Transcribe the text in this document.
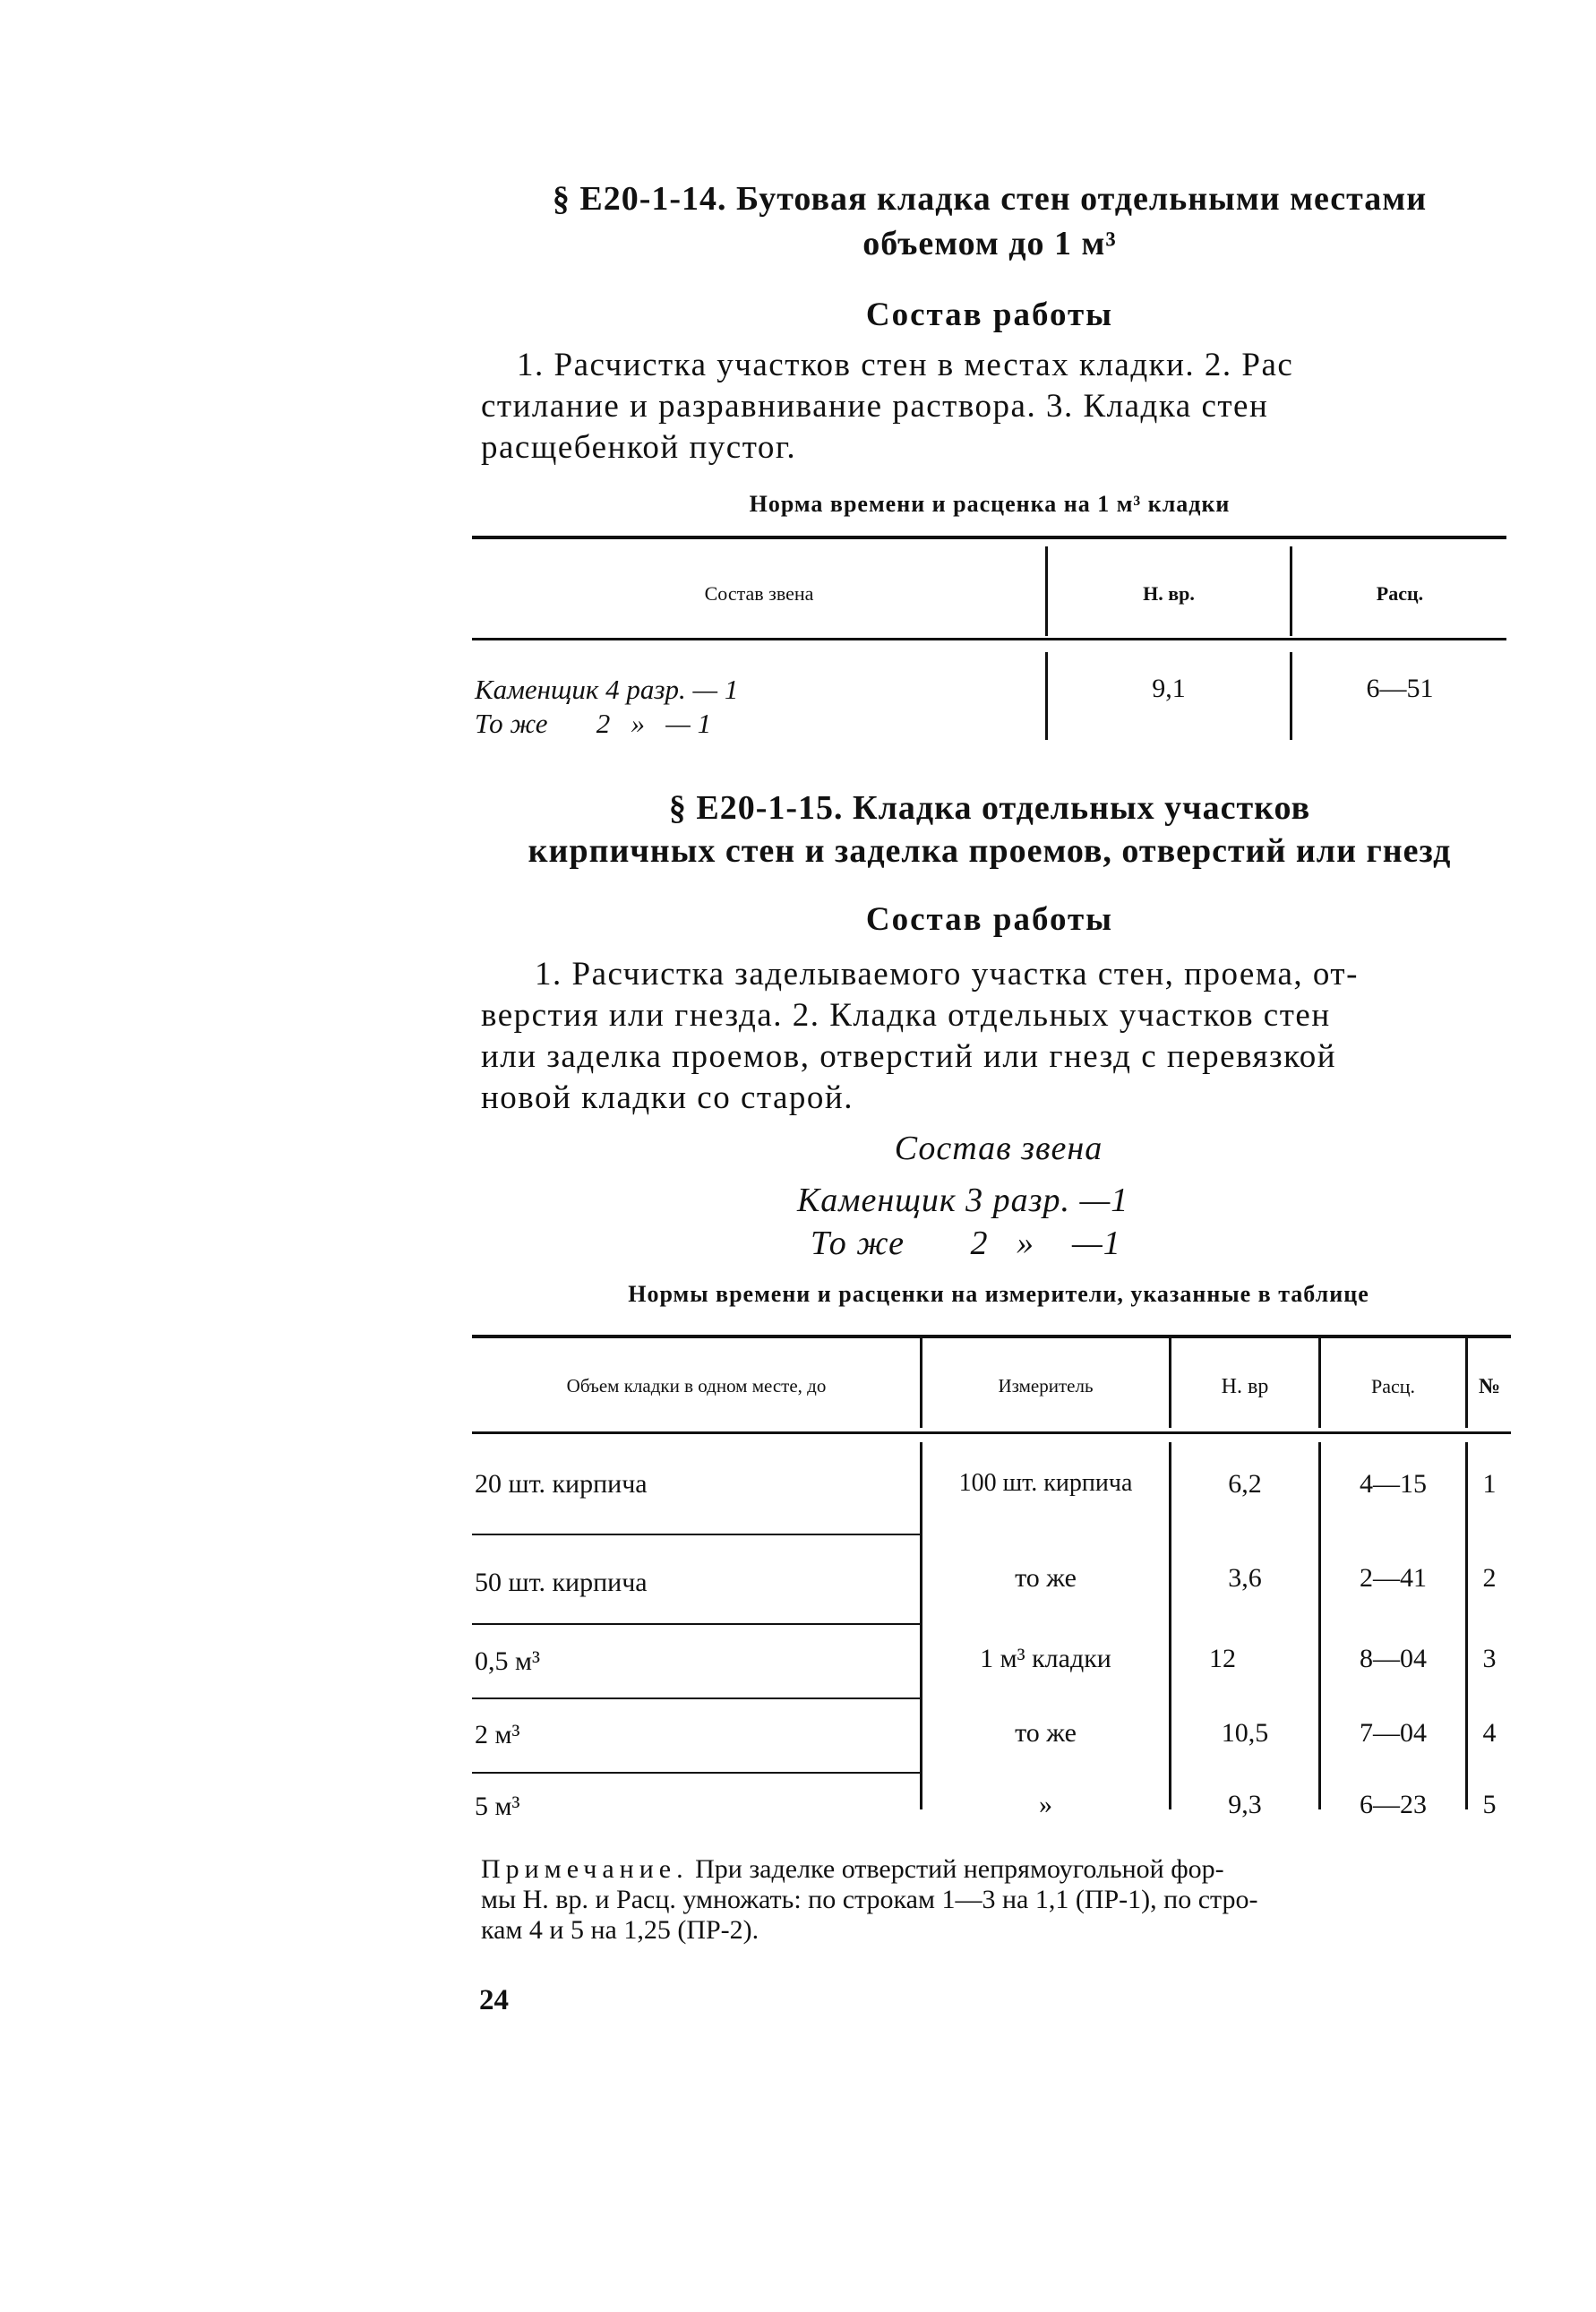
§ Е20-1-14. Бутовая кладка стен отдельными местами
объемом до 1 м³
Состав работы
1. Расчистка участков стен в местах кладки. 2. Рас
стилание и разравнивание раствора. 3. Кладка стен
расщебенкой пустог.
Норма времени и расценка на 1 м³ кладки
Состав звена	Н. вр.	Расц.
Каменщик 4 разр. — 1
То же       2   »   — 1
9,1	6—51
§ Е20-1-15. Кладка отдельных участков
кирпичных стен и заделка проемов, отверстий или гнезд
Состав работы
1. Расчистка заделываемого участка стен, проема, от-
верстия или гнезда. 2. Кладка отдельных участков стен
или заделка проемов, отверстий или гнезд с перевязкой
новой кладки со старой.
Состав звена
Каменщик 3 разр. —1
То же       2   »    —1
Нормы времени и расценки на измерители, указанные в таблице
Объем кладки в одном месте, до	Измеритель	Н. вр	Расц.	№
20 шт. кирпича	100 шт. кирпича	6,2	4—15	1
50 шт. кирпича	то же	3,6	2—41	2
0,5 м³	1 м³ кладки	12	8—04	3
2 м³	то же	10,5	7—04	4
5 м³	»	9,3	6—23	5
Примечание. При заделке отверстий непрямоугольной фор-
мы Н. вр. и Расц. умножать: по строкам 1—3 на 1,1 (ПР-1), по стро-
кам 4 и 5 на 1,25 (ПР-2).
24
